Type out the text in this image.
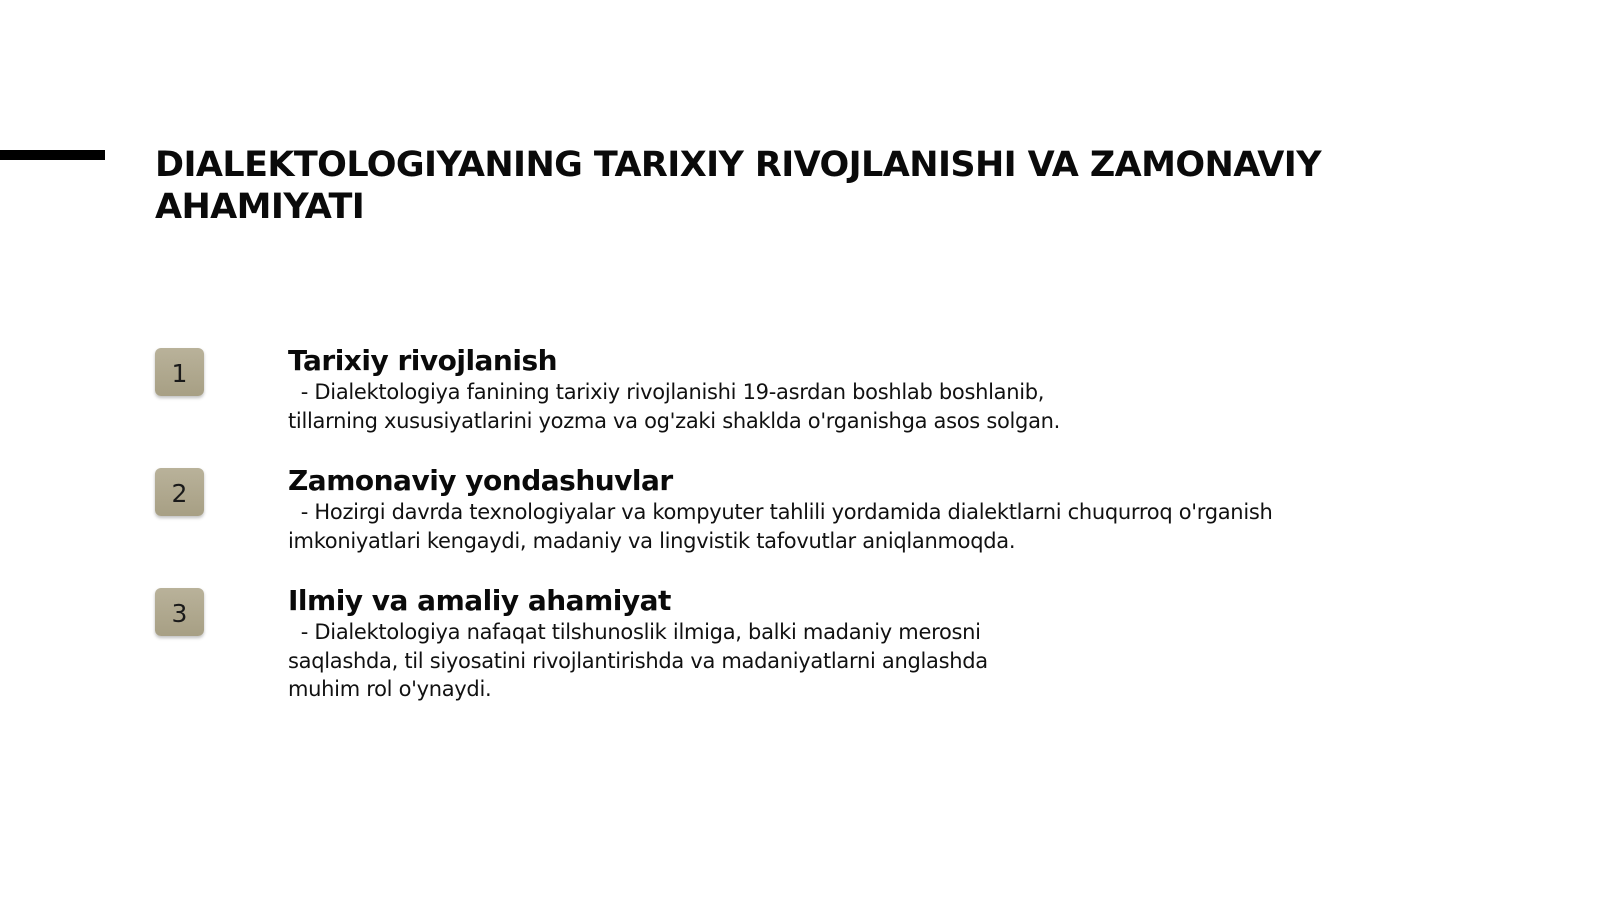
DIALEKTOLOGIYANING TARIXIY RIVOJLANISHI VA ZAMONAVIY AHAMIYATI
1	Tarixiy rivojlanish

- Dialektologiya fanining tarixiy rivojlanishi 19-asrdan boshlab boshlanib, tillarning xususiyatlarini yozma va og'zaki shaklda o'rganishga asos solgan.

2	Zamonaviy yondashuvlar

- Hozirgi davrda texnologiyalar va kompyuter tahlili yordamida dialektlarni chuqurroq o'rganish imkoniyatlari kengaydi, madaniy va lingvistik tafovutlar aniqlanmoqda.

3	Ilmiy va amaliy ahamiyat

- Dialektologiya nafaqat tilshunoslik ilmiga, balki madaniy merosni saqlashda, til siyosatini rivojlantirishda va madaniyatlarni anglashda muhim rol o'ynaydi.
